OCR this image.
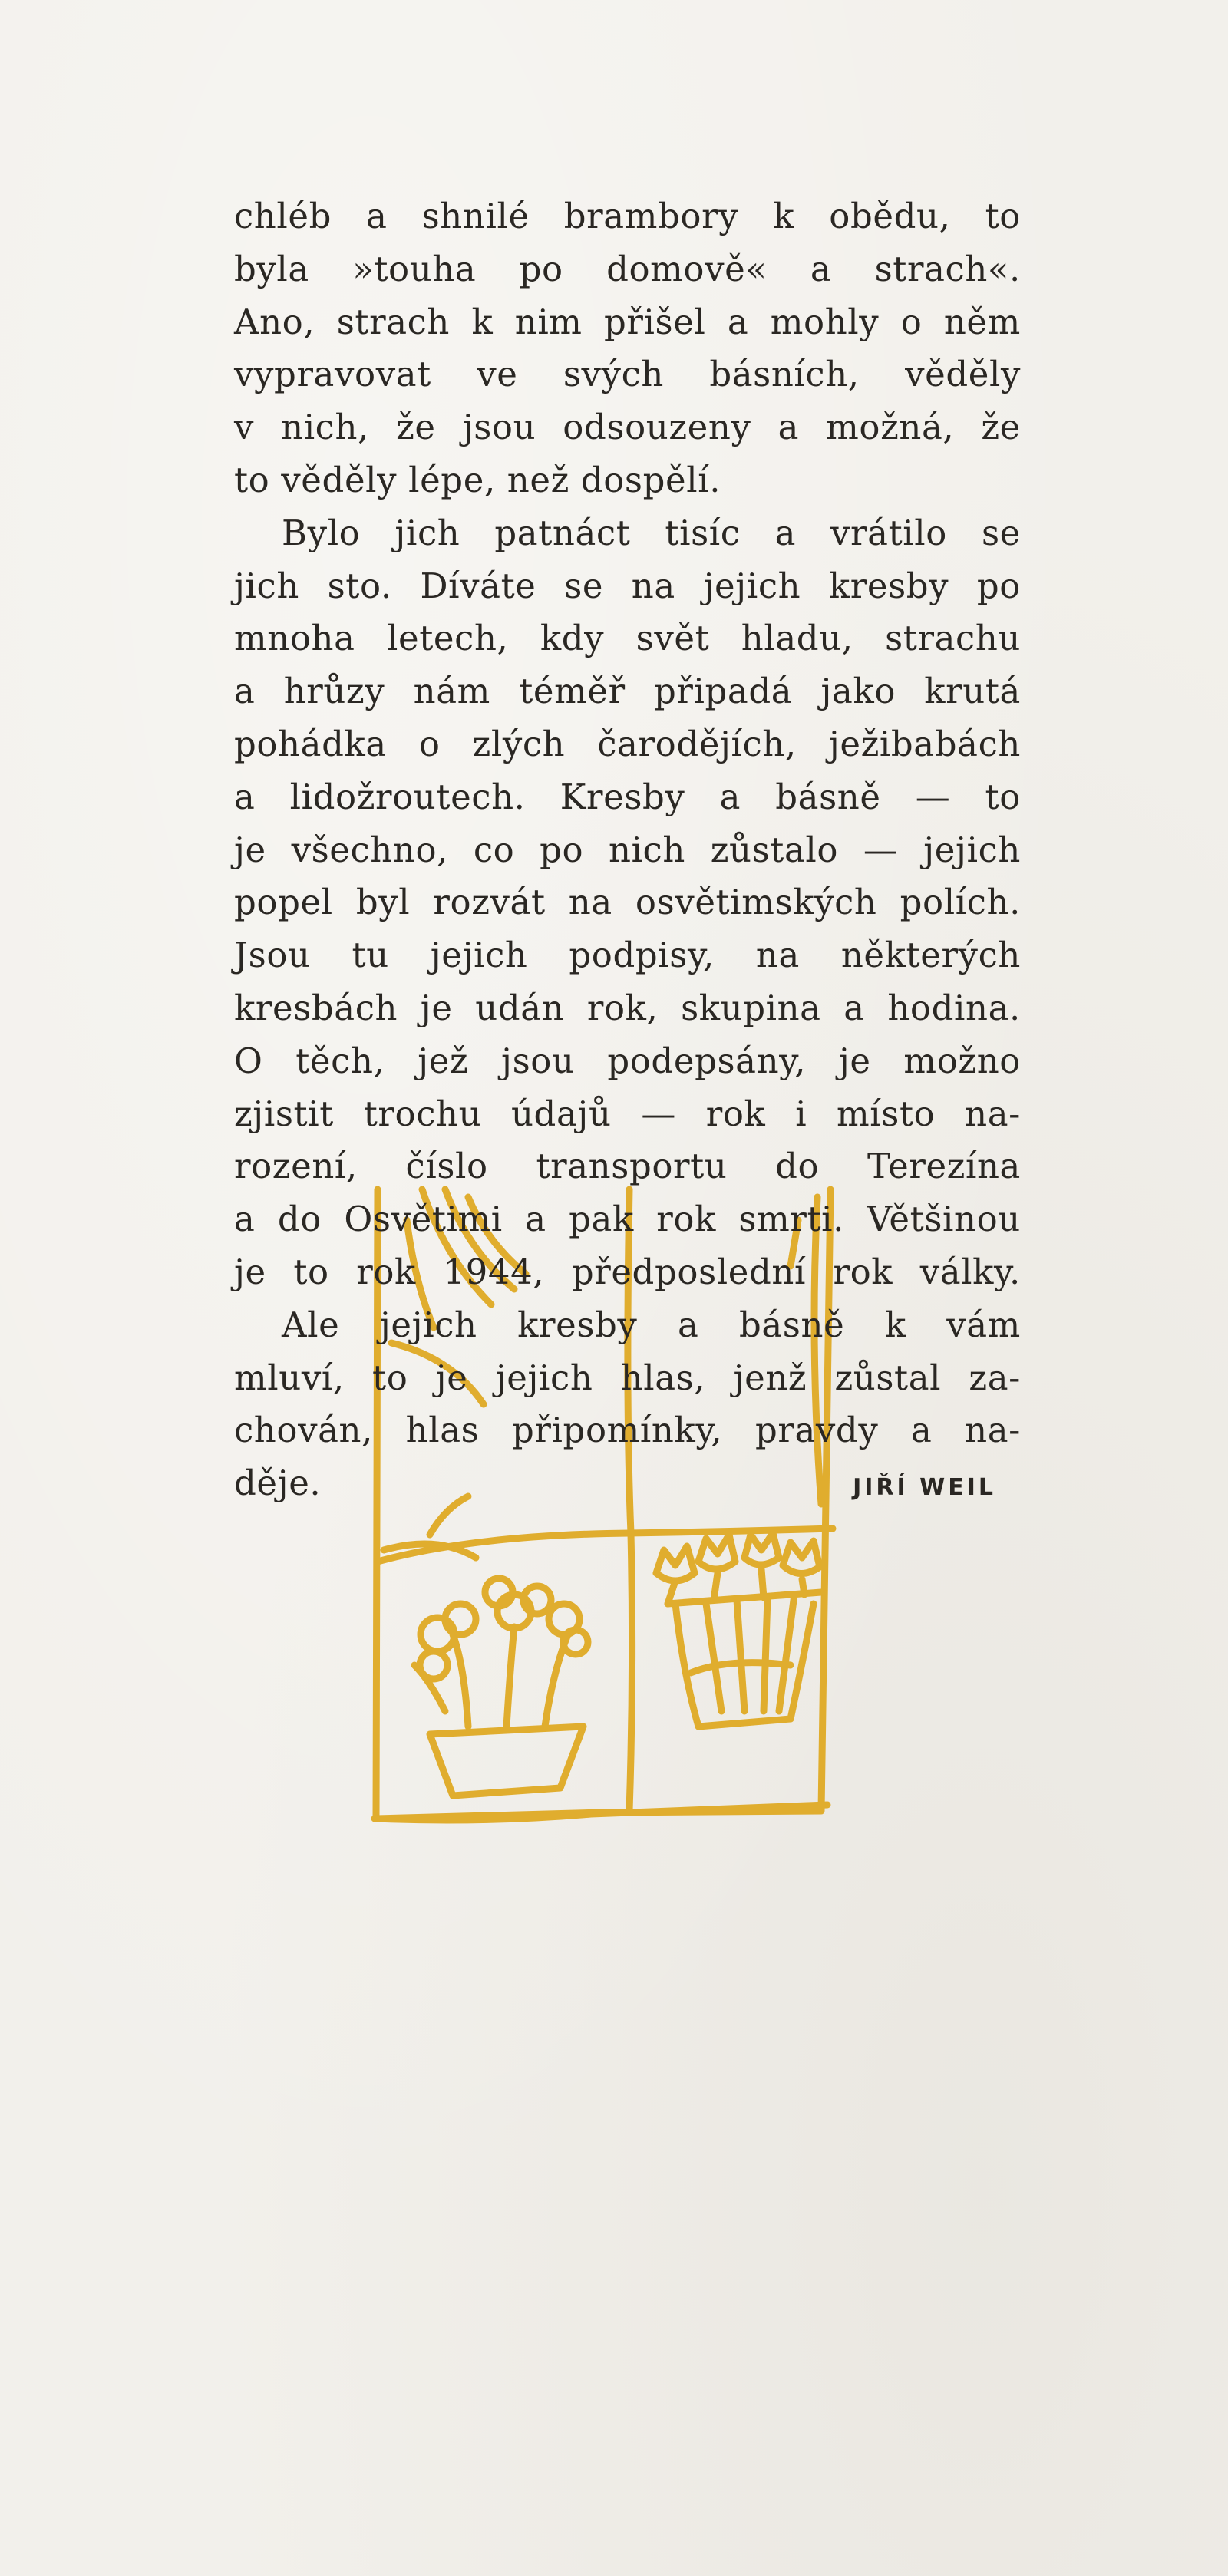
chléb a shnilé brambory k obědu, to
byla »touha po domově« a strach«.
Ano, strach k nim přišel a mohly o něm
vypravovat ve svých básních, věděly
v nich, že jsou odsouzeny a možná, že
to věděly lépe, než dospělí.
Bylo jich patnáct tisíc a vrátilo se
jich sto. Díváte se na jejich kresby po
mnoha letech, kdy svět hladu, strachu
a hrůzy nám téměř připadá jako krutá
pohádka o zlých čarodějích, ježibabách
a lidožroutech. Kresby a básně — to
je všechno, co po nich zůstalo — jejich
popel byl rozvát na osvětimských polích.
Jsou tu jejich podpisy, na některých
kresbách je udán rok, skupina a hodina.
O těch, jež jsou podepsány, je možno
zjistit trochu údajů — rok i místo na-
rození, číslo transportu do Terezína
a do Osvětimi a pak rok smrti. Většinou
je to rok 1944, předposlední rok války.
Ale jejich kresby a básně k vám
mluví, to je jejich hlas, jenž zůstal za-
chován, hlas připomínky, pravdy a na-
děje.	JIŘÍ WEIL
